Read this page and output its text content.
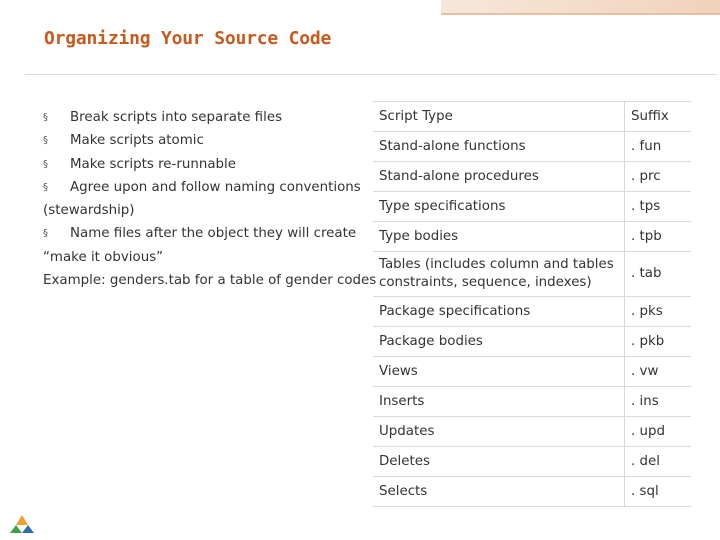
Organizing Your Source Code
§ Break scripts into separate files
§ Make scripts atomic
§ Make scripts re-runnable
§ Agree upon and follow naming conventions
(stewardship)
§ Name files after the object they will create
“make it obvious”
Example: genders.tab for a table of gender codes
Script Type	Suffix
Stand-alone functions	. fun
Stand-alone procedures	. prc
Type specifications	. tps
Type bodies	. tpb
Tables (includes column and tables constraints, sequence, indexes)	. tab
Package specifications	. pks
Package bodies	. pkb
Views	. vw
Inserts	. ins
Updates	. upd
Deletes	. del
Selects	. sql
